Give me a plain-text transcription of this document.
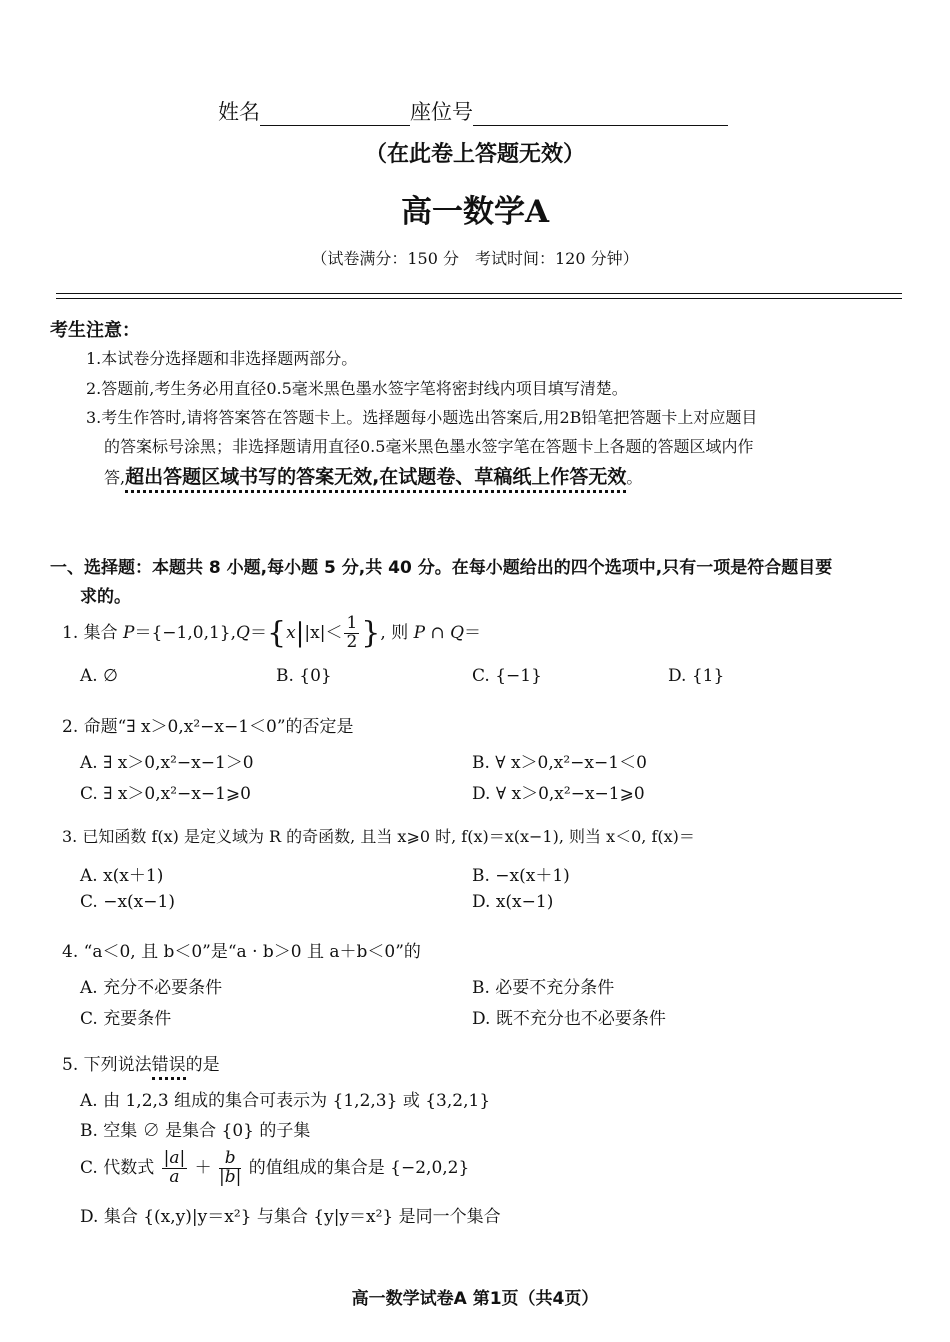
姓名	座位号
（在此卷上答题无效）
高一数学A
（试卷满分：150 分　考试时间：120 分钟）
考生注意：
1.本试卷分选择题和非选择题两部分。
2.答题前,考生务必用直径0.5毫米黑色墨水签字笔将密封线内项目填写清楚。
3.考生作答时,请将答案答在答题卡上。选择题每小题选出答案后,用2B铅笔把答题卡上对应题目
的答案标号涂黑；非选择题请用直径0.5毫米黑色墨水签字笔在答题卡上各题的答题区域内作
答,超出答题区域书写的答案无效,在试题卷、草稿纸上作答无效。
一、选择题：本题共 8 小题,每小题 5 分,共 40 分。在每小题给出的四个选项中,只有一项是符合题目要
求的。
1. 集合 $P=\{-1,0,1\},Q=\{x||x|< \frac{1}{2}$ }, 则 P ∩ Q＝
A. ∅	B. {0}	C. {−1}	D. {1}
2. 命题“∃ x＞0,x²−x−1＜0”的否定是
A. ∃ x＞0,x²−x−1＞0	B. ∀ x＞0,x²−x−1＜0
C. ∃ x＞0,x²−x−1⩾0	D. ∀ x＞0,x²−x−1⩾0
3. 已知函数 f(x) 是定义域为 R 的奇函数, 且当 x⩾0 时, f(x)＝x(x−1), 则当 x＜0, f(x)＝
A. x(x＋1)	B. −x(x＋1)
C. −x(x−1)	D. x(x−1)
4. “a＜0, 且 b＜0”是“a · b＞0 且 a＋b＜0”的
A. 充分不必要条件	B. 必要不充分条件
C. 充要条件	D. 既不充分也不必要条件
5. 下列说法错误的是
A. 由 1,2,3 组成的集合可表示为 {1,2,3} 或 {3,2,1}
B. 空集 ∅ 是集合 {0} 的子集
C. 代数式 $\frac{|a|}{a} + \frac{b}{|b|}$ 的值组成的集合是 {−2,0,2}
D. 集合 {(x,y)|y＝x²} 与集合 {y|y＝x²} 是同一个集合
高一数学试卷A 第1页（共4页）
